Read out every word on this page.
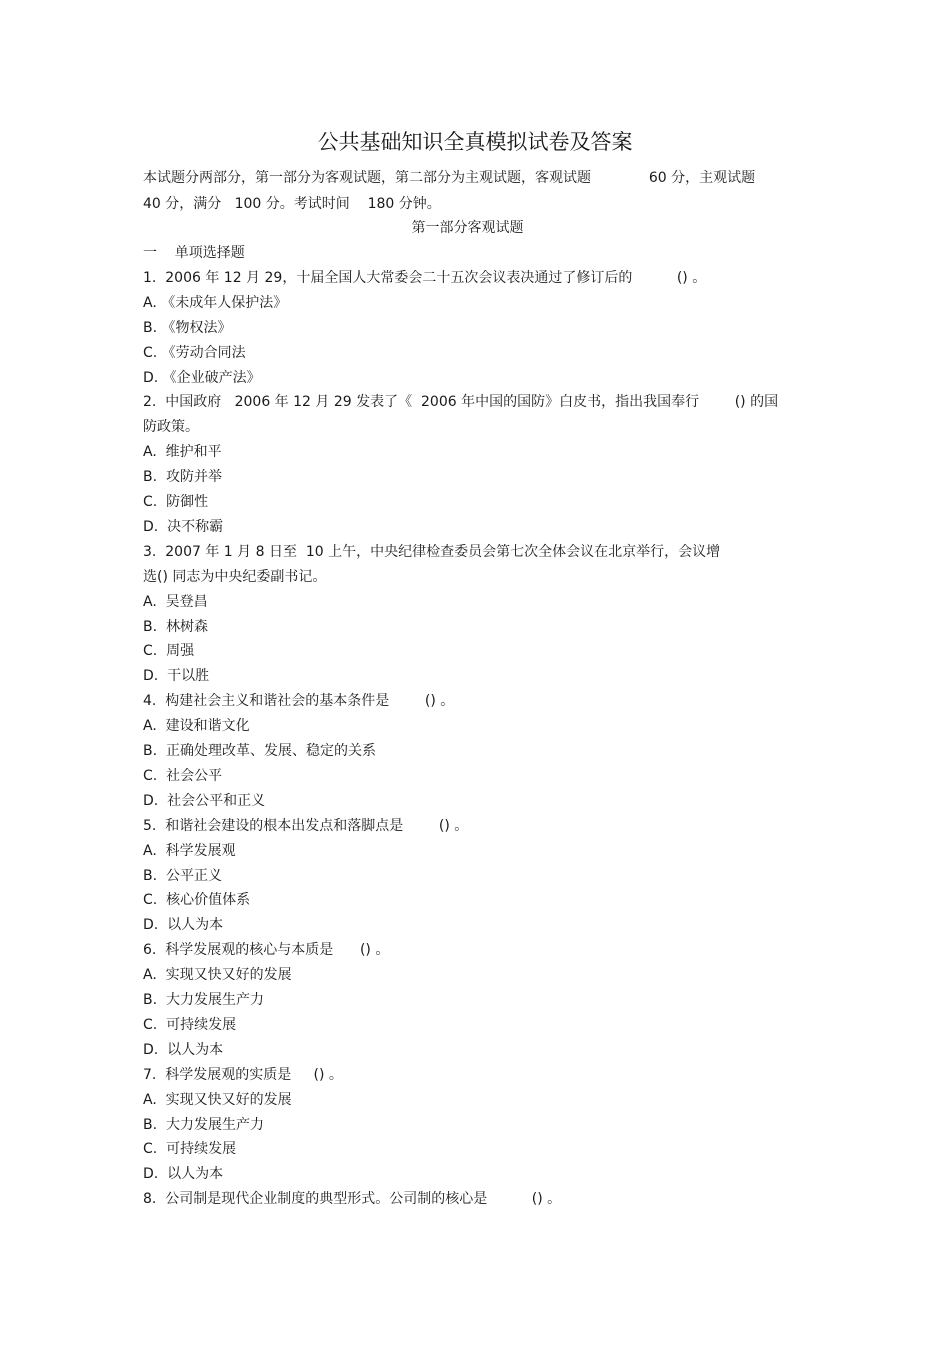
公共基础知识全真模拟试卷及答案
本试题分两部分，第一部分为客观试题，第二部分为主观试题，客观试题             60 分，主观试题
40 分，满分   100 分。考试时间    180 分钟。
第一部分客观试题
一    单项选择题
1.  2006 年 12 月 29，十届全国人大常委会二十五次会议表决通过了修订后的          () 。
A. 《未成年人保护法》
B. 《物权法》
C. 《劳动合同法
D. 《企业破产法》
2.  中国政府   2006 年 12 月 29 发表了《  2006 年中国的国防》白皮书，指出我国奉行        () 的国
防政策。
A.  维护和平
B.  攻防并举
C.  防御性
D.  决不称霸
3.  2007 年 1 月 8 日至  10 上午，中央纪律检查委员会第七次全体会议在北京举行，会议增
选() 同志为中央纪委副书记。
A.  吴登昌
B.  林树森
C.  周强
D.  干以胜
4.  构建社会主义和谐社会的基本条件是        () 。
A.  建设和谐文化
B.  正确处理改革、发展、稳定的关系
C.  社会公平
D.  社会公平和正义
5.  和谐社会建设的根本出发点和落脚点是        () 。
A.  科学发展观
B.  公平正义
C.  核心价值体系
D.  以人为本
6.  科学发展观的核心与本质是      () 。
A.  实现又快又好的发展
B.  大力发展生产力
C.  可持续发展
D.  以人为本
7.  科学发展观的实质是     () 。
A.  实现又快又好的发展
B.  大力发展生产力
C.  可持续发展
D.  以人为本
8.  公司制是现代企业制度的典型形式。公司制的核心是          () 。
